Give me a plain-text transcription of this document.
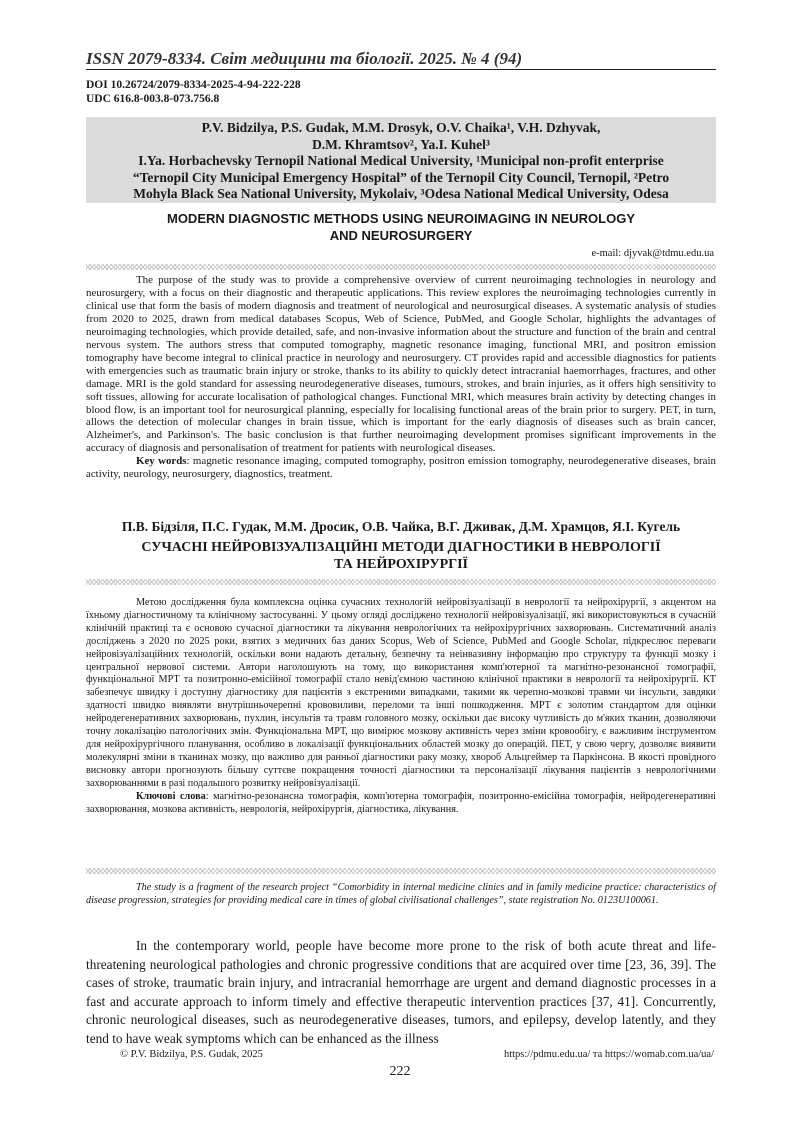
ISSN 2079-8334. Світ медицини та біології. 2025. № 4 (94)
DOI 10.26724/2079-8334-2025-4-94-222-228
UDC 616.8-003.8-073.756.8
P.V. Bidzilya, P.S. Gudak, M.M. Drosyk, O.V. Chaika¹, V.H. Dzhyvak,
D.M. Khramtsov², Ya.I. Kuhel³
I.Ya. Horbachevsky Ternopil National Medical University, ¹Municipal non-profit enterprise
“Ternopil City Municipal Emergency Hospital” of the Ternopil City Council, Ternopil, ²Petro
Mohyla Black Sea National University, Mykolaiv, ³Odesa National Medical University, Odesa
MODERN DIAGNOSTIC METHODS USING NEUROIMAGING IN NEUROLOGY
AND NEUROSURGERY
e-mail: djyvak@tdmu.edu.ua

The purpose of the study was to provide a comprehensive overview of current neuroimaging technologies in neurology and neurosurgery, with a focus on their diagnostic and therapeutic applications. This review explores the neuroimaging technologies currently in clinical use that form the basis of modern diagnosis and treatment of neurological and neurosurgical diseases. A systematic analysis of studies from 2020 to 2025, drawn from medical databases Scopus, Web of Science, PubMed, and Google Scholar, highlights the advantages of neuroimaging technologies, which provide detailed, safe, and non-invasive information about the structure and function of the brain and central nervous system. The authors stress that computed tomography, magnetic resonance imaging, functional MRI, and positron emission tomography have become integral to clinical practice in neurology and neurosurgery. CT provides rapid and accessible diagnostics for patients with emergencies such as traumatic brain injury or stroke, thanks to its ability to quickly detect intracranial haemorrhages, fractures, and other damage. MRI is the gold standard for assessing neurodegenerative diseases, tumours, strokes, and brain injuries, as it offers high sensitivity to soft tissues, allowing for accurate localisation of pathological changes. Functional MRI, which measures brain activity by detecting changes in blood flow, is an important tool for neurosurgical planning, especially for localising functional areas of the brain prior to surgery. PET, in turn, allows the detection of molecular changes in brain tissue, which is important for the early diagnosis of diseases such as brain cancer, Alzheimer's, and Parkinson's. The basic conclusion is that further neuroimaging development promises significant improvements in the accuracy of diagnosis and personalisation of treatment for patients with neurological diseases.

Key words: magnetic resonance imaging, computed tomography, positron emission tomography, neurodegenerative diseases, brain activity, neurology, neurosurgery, diagnostics, treatment.

П.В. Бідзіля, П.С. Гудак, М.М. Дросик, О.В. Чайка, В.Г. Дживак, Д.М. Храмцов, Я.І. Кугель
СУЧАСНІ НЕЙРОВІЗУАЛІЗАЦІЙНІ МЕТОДИ ДІАГНОСТИКИ В НЕВРОЛОГІЇ
ТА НЕЙРОХІРУРГІЇ

Метою дослідження була комплексна оцінка сучасних технологій нейровізуалізації в неврології та нейрохірургії, з акцентом на їхньому діагностичному та клінічному застосуванні. У цьому огляді досліджено технології нейровізуалізації, які використовуються в сучасній клінічній практиці та є основою сучасної діагностики та лікування неврологічних та нейрохірургічних захворювань. Систематичний аналіз досліджень з 2020 по 2025 роки, взятих з медичних баз даних Scopus, Web of Science, PubMed and Google Scholar, підкреслює переваги нейровізуалізаційних технологій, оскільки вони надають детальну, безпечну та неінвазивну інформацію про структуру та функції мозку і центральної нервової системи. Автори наголошують на тому, що використання комп'ютерної та магнітно-резонансної томографії, функціональної МРТ та позитронно-емісійної томографії стало невід'ємною частиною клінічної практики в неврології та нейрохірургії. КТ забезпечує швидку і доступну діагностику для пацієнтів з екстреними випадками, такими як черепно-мозкові травми чи інсульти, завдяки здатності швидко виявляти внутрішньочерепні крововиливи, переломи та інші пошкодження. МРТ є золотим стандартом для оцінки нейродегенеративних захворювань, пухлин, інсультів та травм головного мозку, оскільки дає високу чутливість до м'яких тканин, дозволяючи точну локалізацію патологічних змін. Функціональна МРТ, що вимірює мозкову активність через зміни кровообігу, є важливим інструментом для нейрохірургічного планування, особливо в локалізації функціональних областей мозку до операцій. ПЕТ, у свою чергу, дозволяє виявити молекулярні зміни в тканинах мозку, що важливо для ранньої діагностики раку мозку, хвороб Альцгеймер та Паркінсона. В якості провідного висновку автори прогнозують більшу суттєве покращення точності діагностики та персоналізації лікування пацієнтів з неврологічними захворюваннями в разі подальшого розвитку нейровізуалізації.

Ключові слова: магнітно-резонансна томографія, комп'ютерна томографія, позитронно-емісійна томографія, нейродегенеративні захворювання, мозкова активність, неврологія, нейрохірургія, діагностика, лікування.

The study is a fragment of the research project “Comorbidity in internal medicine clinics and in family medicine practice: characteristics of disease progression, strategies for providing medical care in times of global civilisational challenges”, state registration No. 0123U100061.

In the contemporary world, people have become more prone to the risk of both acute threat and life-threatening neurological pathologies and chronic progressive conditions that are acquired over time [23, 36, 39]. The cases of stroke, traumatic brain injury, and intracranial hemorrhage are urgent and demand diagnostic processes in a fast and accurate approach to inform timely and effective therapeutic intervention practices [37, 41]. Concurrently, chronic neurological diseases, such as neurodegenerative diseases, tumors, and epilepsy, develop latently, and they tend to have weak symptoms which can be enhanced as the illness

© P.V. Bidzilya, P.S. Gudak, 2025	https://pdmu.edu.ua/ та https://womab.com.ua/ua/
222
